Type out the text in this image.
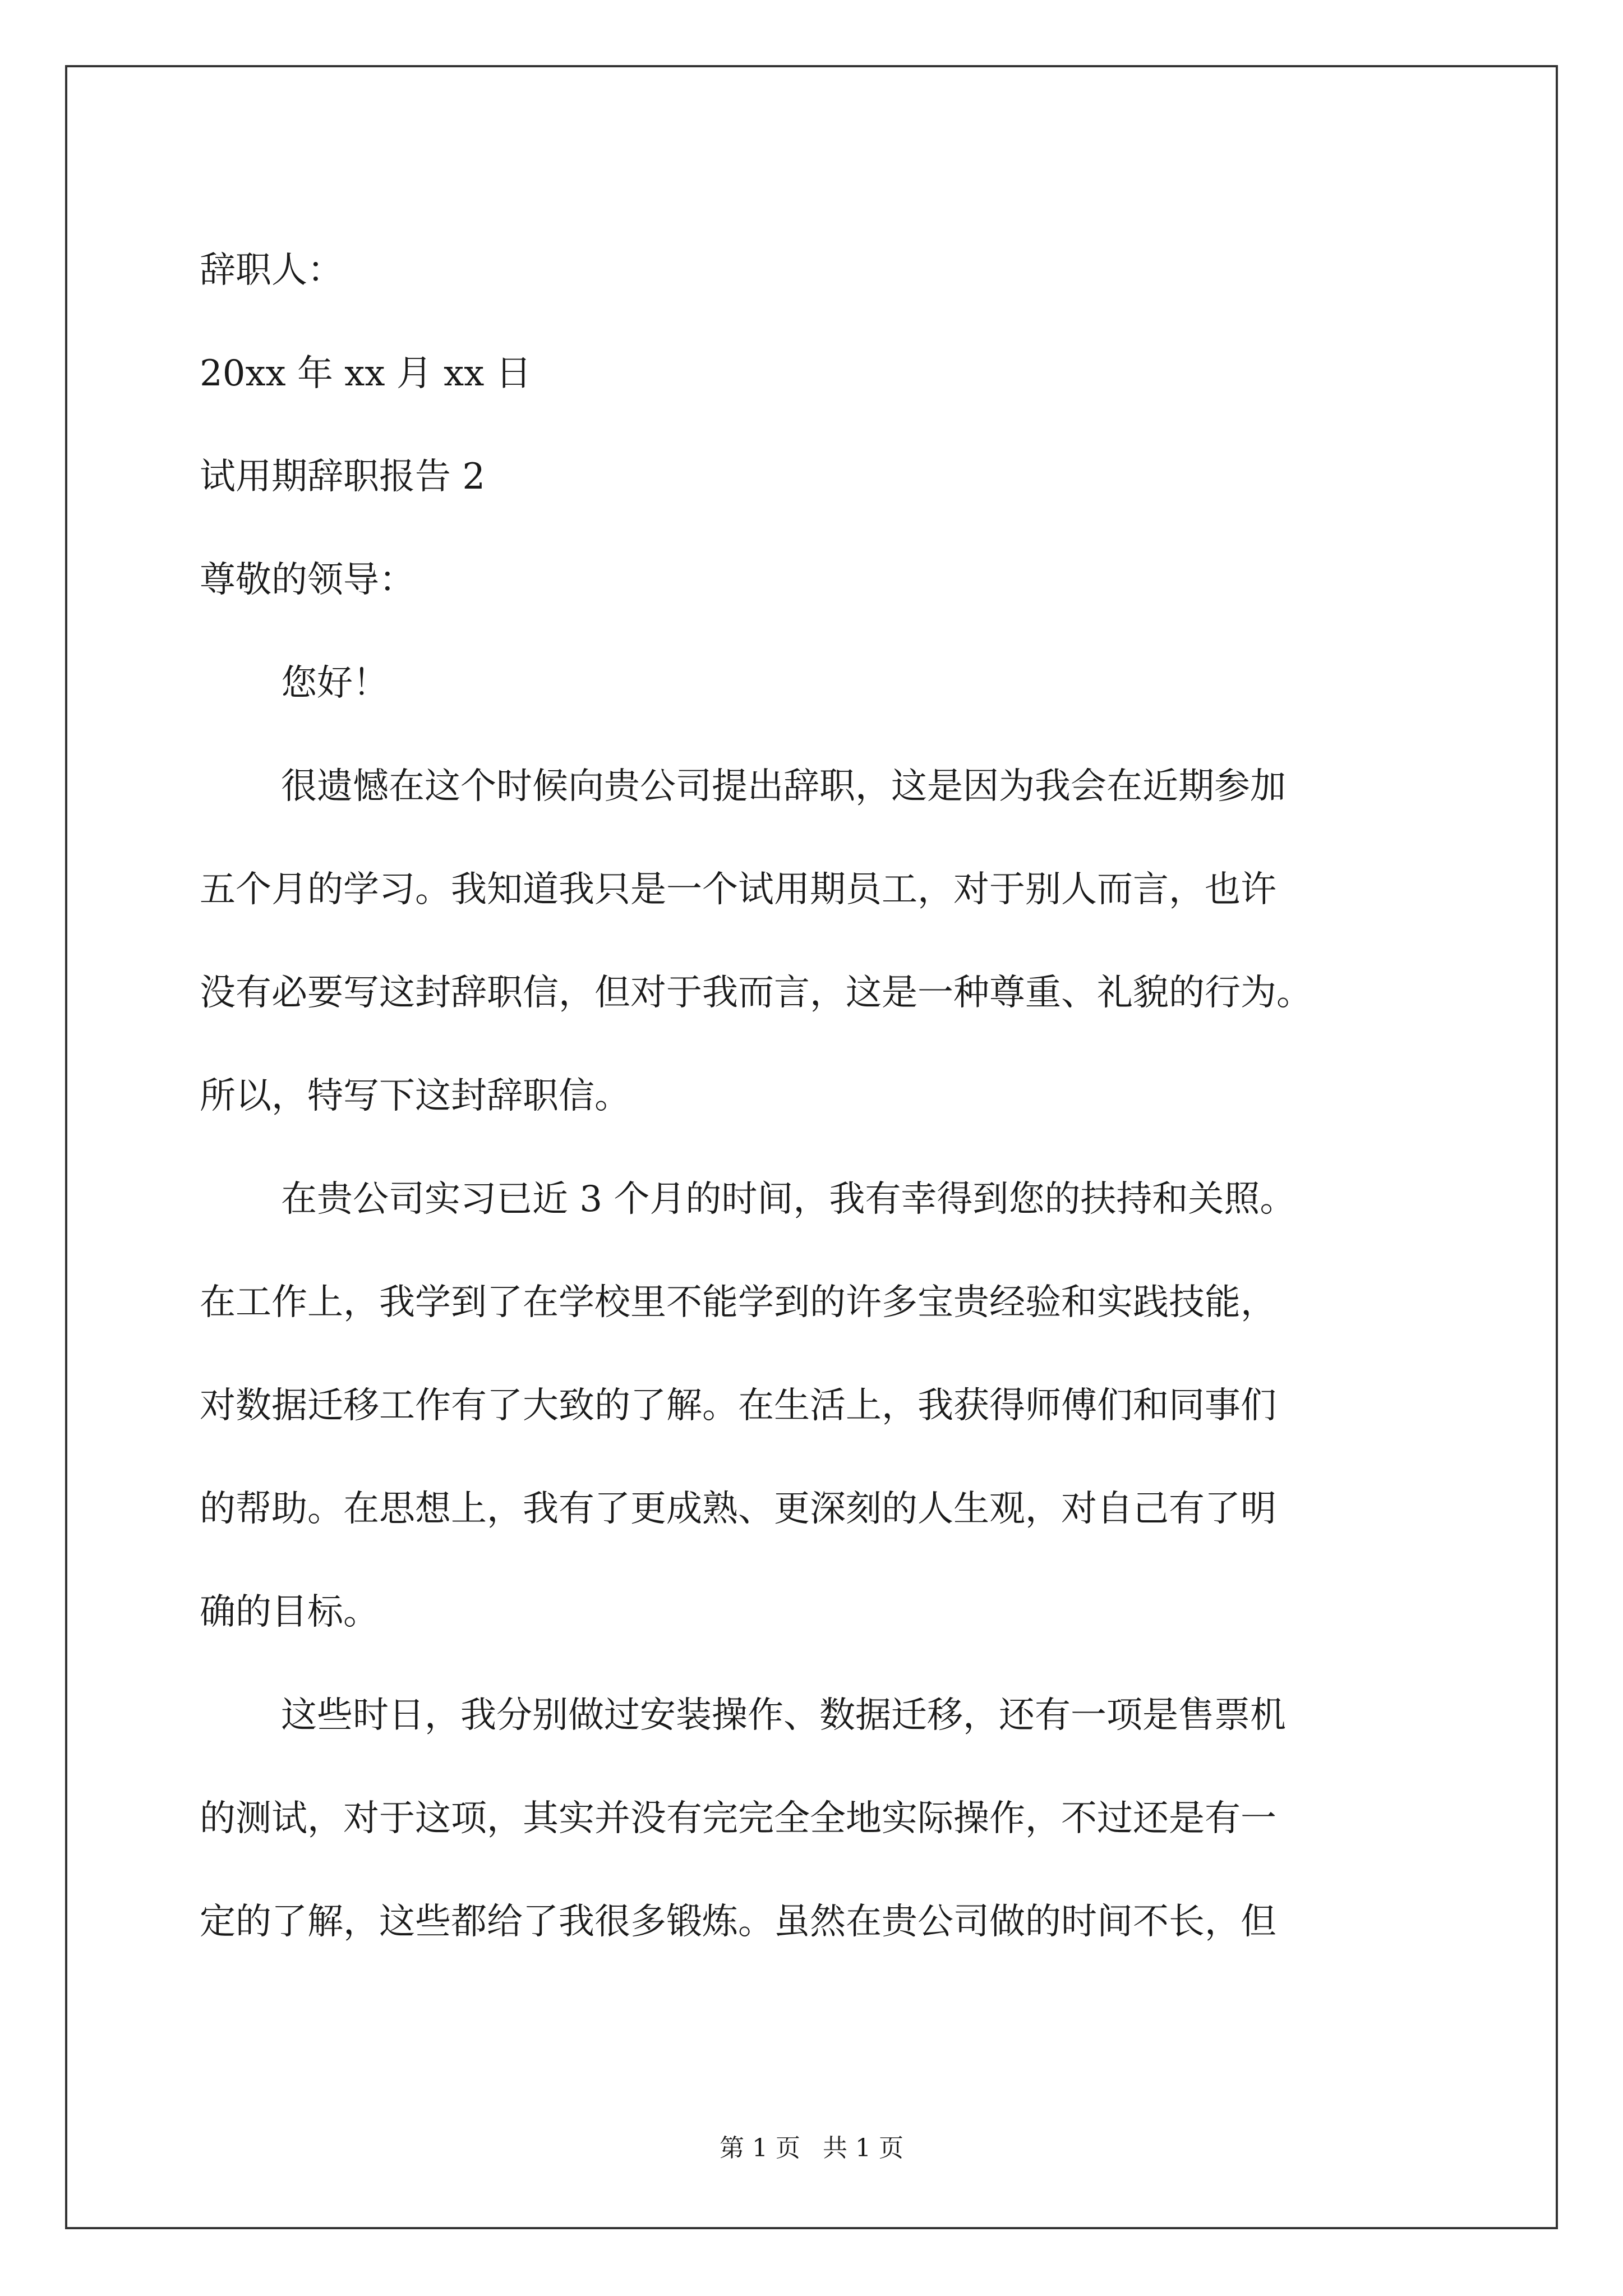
辞职人：

20xx 年 xx 月 xx 日

试用期辞职报告 2

尊敬的领导：

您好！

很遗憾在这个时候向贵公司提出辞职，这是因为我会在近期参加

五个月的学习。我知道我只是一个试用期员工，对于别人而言，也许

没有必要写这封辞职信，但对于我而言，这是一种尊重、礼貌的行为。

所以，特写下这封辞职信。

在贵公司实习已近 3 个月的时间，我有幸得到您的扶持和关照。

在工作上，我学到了在学校里不能学到的许多宝贵经验和实践技能，

对数据迁移工作有了大致的了解。在生活上，我获得师傅们和同事们

的帮助。在思想上，我有了更成熟、更深刻的人生观，对自己有了明

确的目标。

这些时日，我分别做过安装操作、数据迁移，还有一项是售票机

的测试，对于这项，其实并没有完完全全地实际操作，不过还是有一

定的了解，这些都给了我很多锻炼。虽然在贵公司做的时间不长，但

第 1 页 共 1 页
